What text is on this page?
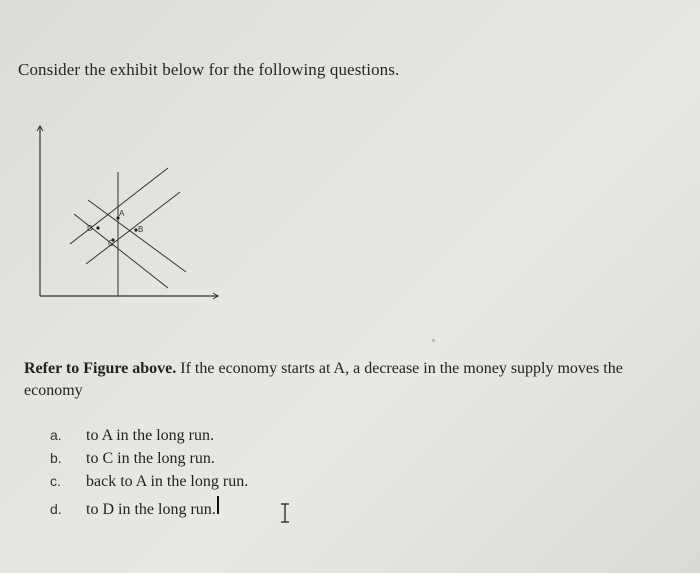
Consider the exhibit below for the following questions.
A
B
C
D
Refer to Figure above. If the economy starts at A, a decrease in the money supply moves the economy
a.	to A in the long run.
b.	to C in the long run.
c.	back to A in the long run.
d.	to D in the long run.
